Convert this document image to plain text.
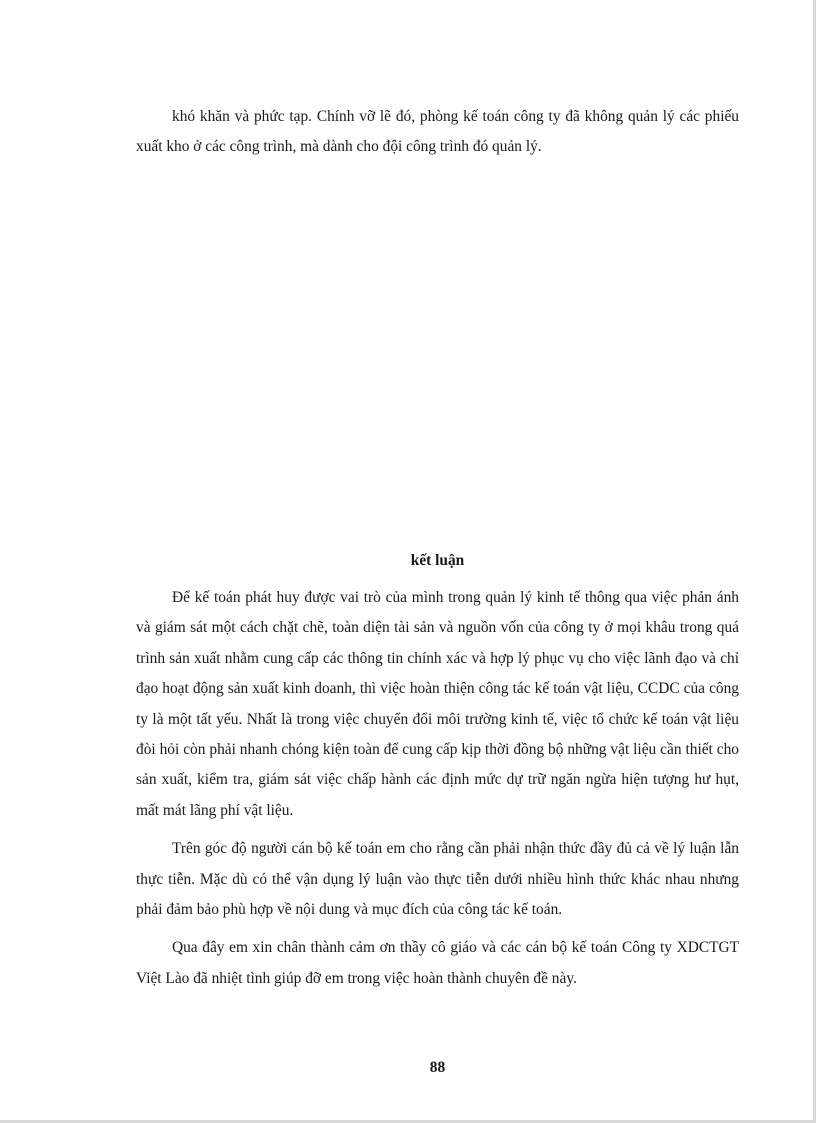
khó khăn và phức tạp. Chính vỡ lẽ đó, phòng kế toán công ty đã không quản lý các phiếu xuất kho ở các công trình, mà dành cho đội công trình đó quản lý.

kết luận

Để kế toán phát huy được vai trò của mình trong quản lý kinh tế thông qua việc phản ánh và giám sát một cách chặt chẽ, toàn diện tài sản và nguồn vốn của công ty ở mọi khâu trong quá trình sản xuất nhằm cung cấp các thông tin chính xác và hợp lý phục vụ cho việc lãnh đạo và chỉ đạo hoạt động sản xuất kinh doanh, thì việc hoàn thiện công tác kế toán vật liệu, CCDC của công ty là một tất yếu. Nhất là trong việc chuyển đổi môi trường kinh tế, việc tổ chức kế toán vật liệu đòi hỏi còn phải nhanh chóng kiện toàn để cung cấp kịp thời đồng bộ những vật liệu cần thiết cho sản xuất, kiểm tra, giám sát việc chấp hành các định mức dự trữ ngăn ngừa hiện tượng hư hụt, mất mát lãng phí vật liệu.

Trên góc độ người cán bộ kế toán em cho rằng cần phải nhận thức đầy đủ cả về lý luận lẫn thực tiễn. Mặc dù có thể vận dụng lý luận vào thực tiễn dưới nhiều hình thức khác nhau nhưng phải đảm bảo phù hợp về nội dung và mục đích của công tác kế toán.

Qua đây em xin chân thành cảm ơn thầy cô giáo và các cán bộ kế toán Công ty XDCTGT Việt Lào đã nhiệt tình giúp đỡ em trong việc hoàn thành chuyên đề này.

88
